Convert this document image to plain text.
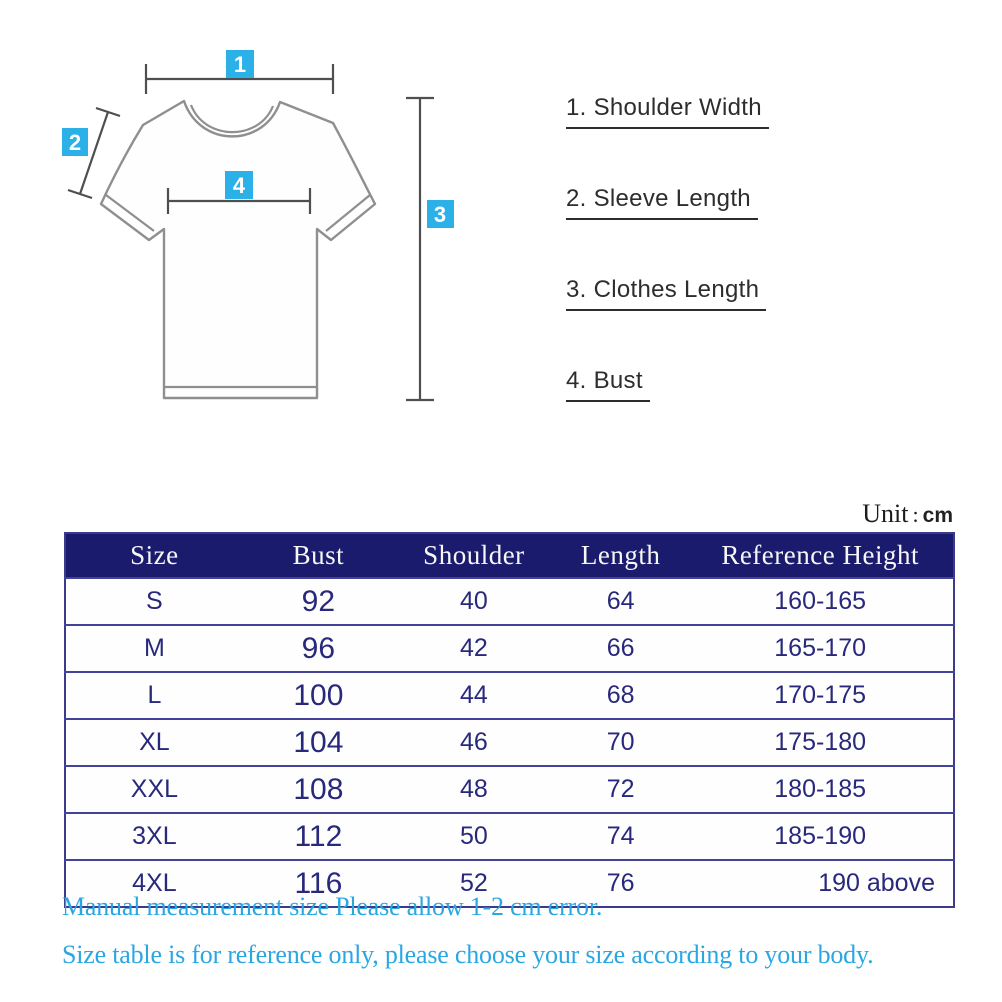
1
2
3
4
1. Shoulder Width
2. Sleeve Length
3. Clothes Length
4. Bust
Unit : cm
Size	Bust	Shoulder	Length	Reference Height
S	92	40	64	160-165
M	96	42	66	165-170
L	100	44	68	170-175
XL	104	46	70	175-180
XXL	108	48	72	180-185
3XL	112	50	74	185-190
4XL	116	52	76	190 above
Manual measurement size Please allow 1-2 cm error.
Size table is for reference only, please choose your size according to your body.
